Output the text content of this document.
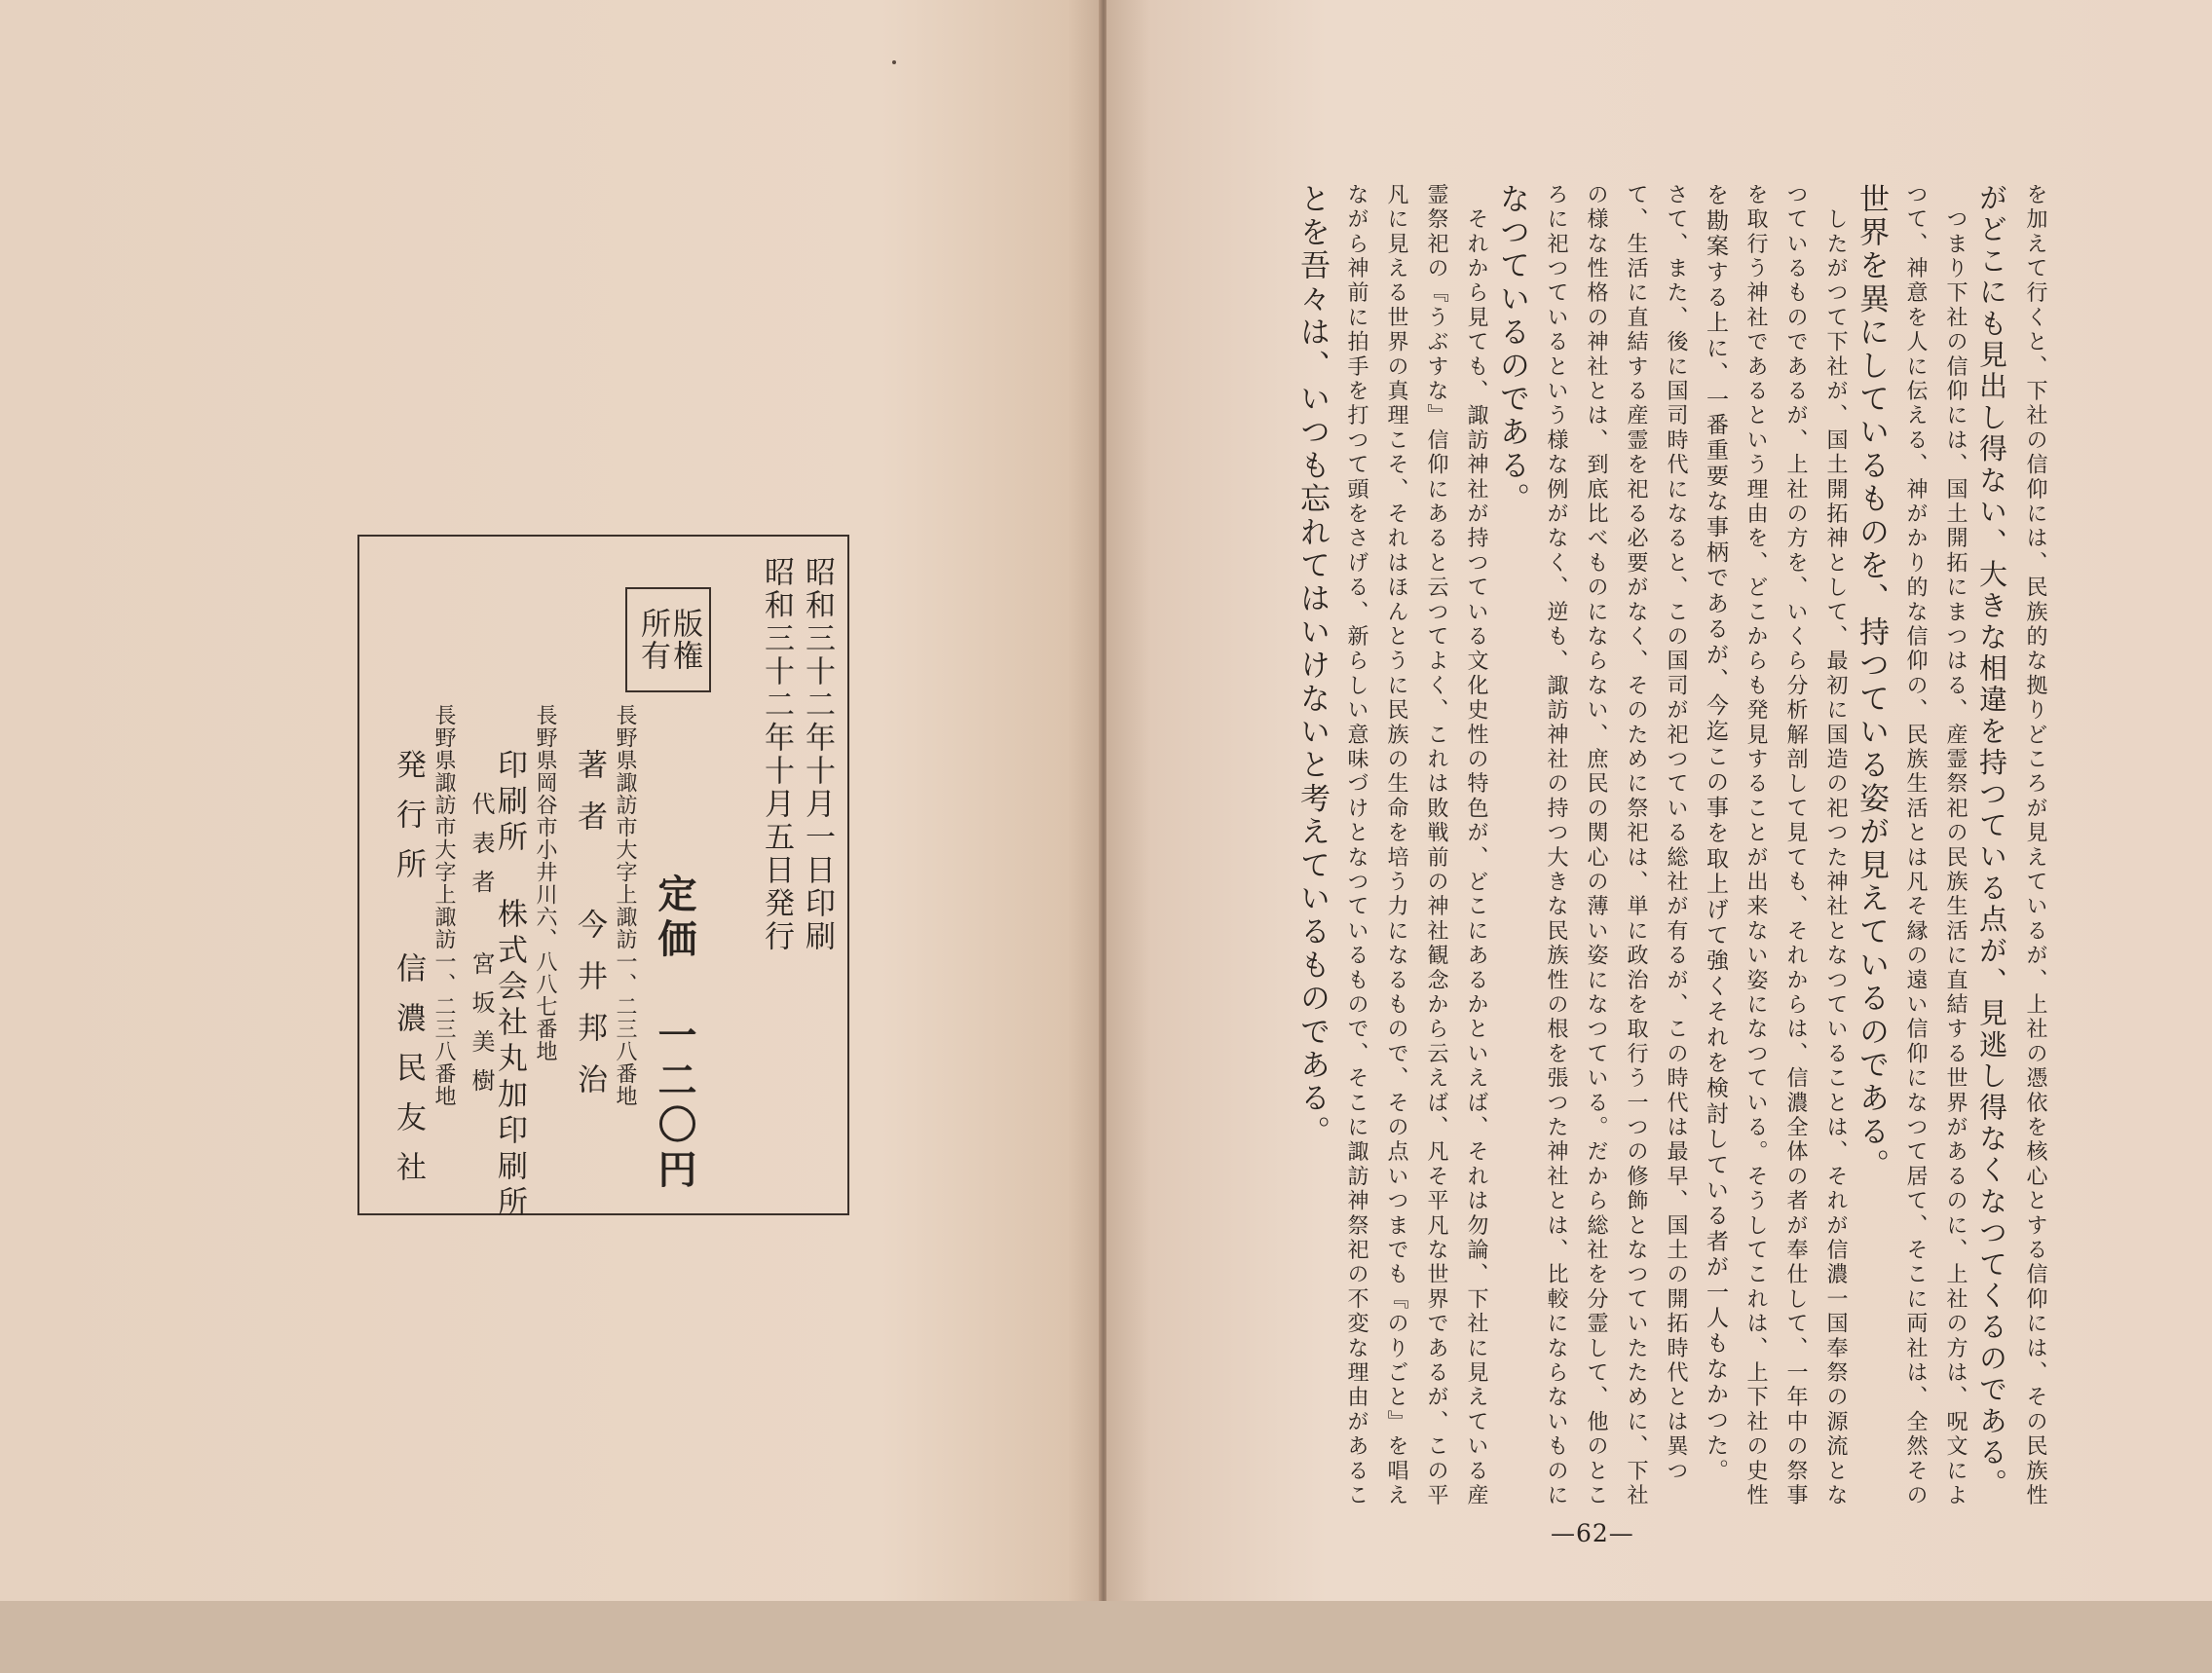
昭和三十二年十月一日印刷
昭和三十二年十月五日発行
版権
所有
定価 一二〇円
長野県諏訪市大字上諏訪一、二三八番地
著者 今井邦治
長野県岡谷市小井川六、八八七番地
印刷所 株式会社丸加印刷所
代表者 宮坂美樹
長野県諏訪市大字上諏訪一、二三八番地
発行所 信濃民友社	を加えて行くと、下社の信仰には、民族的な拠りどころが見えているが、上社の憑依を核心とする信仰には、その民族性
がどこにも見出し得ない、大きな相違を持つている点が、見逃し得なくなつてくるのである。
　つまり下社の信仰には、国土開拓にまつはる、産霊祭祀の民族生活に直結する世界があるのに、上社の方は、呪文によ
つて、神意を人に伝える、神がかり的な信仰の、民族生活とは凡そ縁の遠い信仰になつて居て、そこに両社は、全然その
世界を異にしているものを、持つている姿が見えているのである。
　したがつて下社が、国土開拓神として、最初に国造の祀つた神社となつていることは、それが信濃一国奉祭の源流とな
つているものであるが、上社の方を、いくら分析解剖して見ても、それからは、信濃全体の者が奉仕して、一年中の祭事
を取行う神社であるという理由を、どこからも発見することが出来ない姿になつている。そうしてこれは、上下社の史性
を勘案する上に、一番重要な事柄であるが、今迄この事を取上げて強くそれを検討している者が一人もなかつた。
さて、また、後に国司時代になると、この国司が祀つている総社が有るが、この時代は最早、国土の開拓時代とは異つ
て、生活に直結する産霊を祀る必要がなく、そのために祭祀は、単に政治を取行う一つの修飾となつていたために、下社
の様な性格の神社とは、到底比べものにならない、庶民の関心の薄い姿になつている。だから総社を分霊して、他のとこ
ろに祀つているという様な例がなく、逆も、諏訪神社の持つ大きな民族性の根を張つた神社とは、比較にならないものに
なつているのである。
　それから見ても、諏訪神社が持つている文化史性の特色が、どこにあるかといえば、それは勿論、下社に見えている産
霊祭祀の『うぶすな』信仰にあると云つてよく、これは敗戦前の神社観念から云えば、凡そ平凡な世界であるが、この平
凡に見える世界の真理こそ、それはほんとうに民族の生命を培う力になるもので、その点いつまでも『のりごと』を唱え
ながら神前に拍手を打つて頭をさげる、新らしい意味づけとなつているもので、そこに諏訪神祭祀の不変な理由があるこ
とを吾々は、いつも忘れてはいけないと考えているものである。
—62—
